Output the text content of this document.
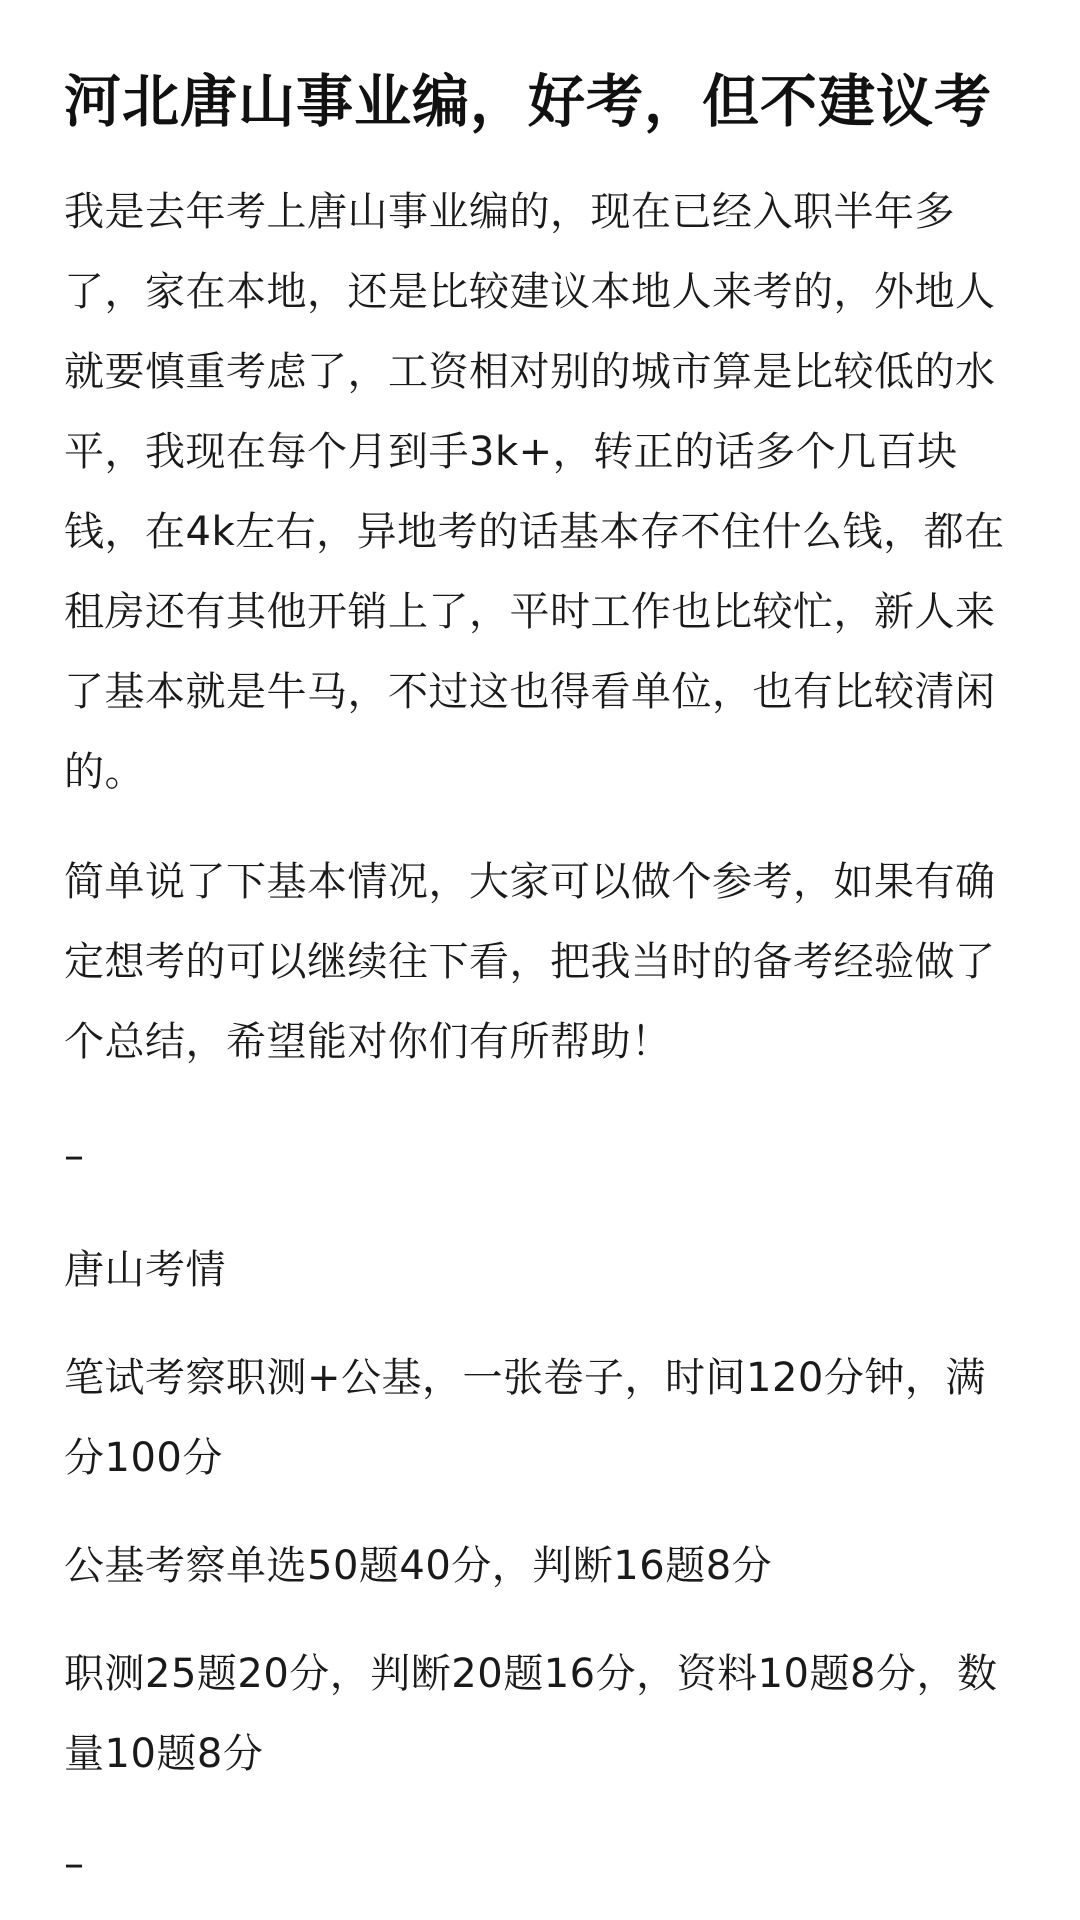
河北唐山事业编，好考，但不建议考

我是去年考上唐山事业编的，现在已经入职半年多了，家在本地，还是比较建议本地人来考的，外地人就要慎重考虑了，工资相对别的城市算是比较低的水平，我现在每个月到手3k+，转正的话多个几百块钱，在4k左右，异地考的话基本存不住什么钱，都在租房还有其他开销上了，平时工作也比较忙，新人来了基本就是牛马，不过这也得看单位，也有比较清闲的。

简单说了下基本情况，大家可以做个参考，如果有确定想考的可以继续往下看，把我当时的备考经验做了个总结，希望能对你们有所帮助！

–

唐山考情

笔试考察职测+公基，一张卷子，时间120分钟，满分100分

公基考察单选50题40分，判断16题8分

职测25题20分，判断20题16分，资料10题8分，数量10题8分

–
